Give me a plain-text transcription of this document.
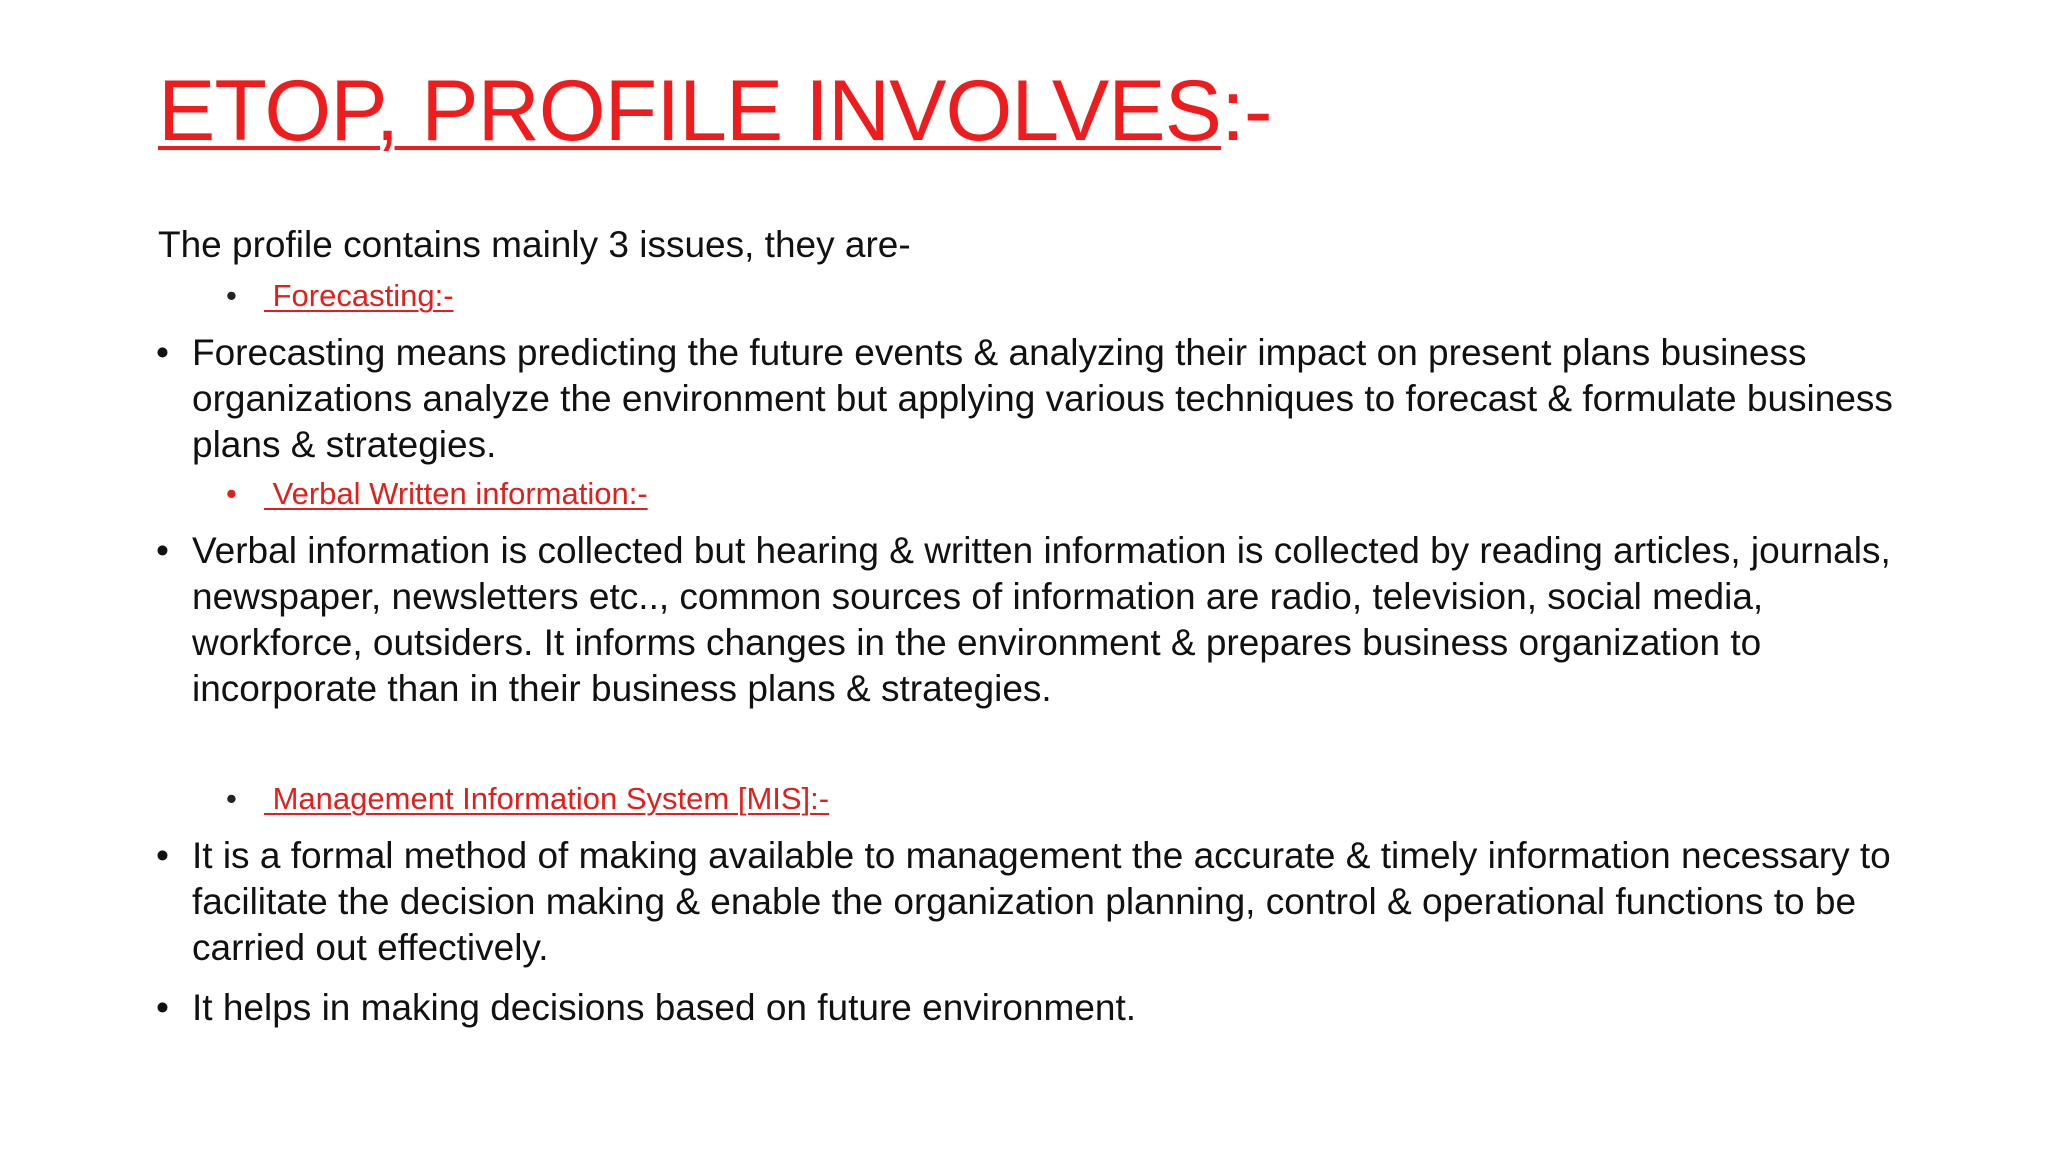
ETOP, PROFILE INVOLVES:-
The profile contains mainly 3 issues, they are-
• Forecasting:-
• Forecasting means predicting the future events & analyzing their impact on present plans business organizations analyze the environment but applying various techniques to forecast & formulate business plans & strategies.
• Verbal Written information:-
• Verbal information is collected but hearing & written information is collected by reading articles, journals, newspaper, newsletters etc.., common sources of information are radio, television, social media, workforce, outsiders. It informs changes in the environment & prepares business organization to incorporate than in their business plans & strategies.
• Management Information System [MIS]:-
• It is a formal method of making available to management the accurate & timely information necessary to facilitate the decision making & enable the organization planning, control & operational functions to be carried out effectively.
• It helps in making decisions based on future environment.
